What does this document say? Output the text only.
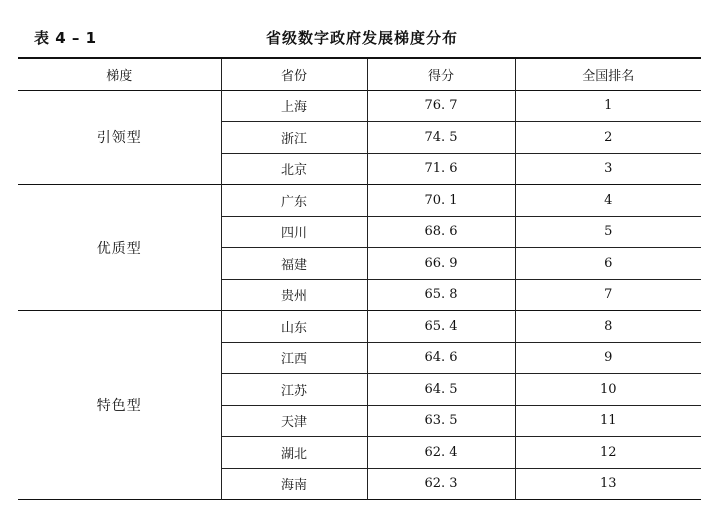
表 4 – 1	省级数字政府发展梯度分布
梯度	省份	得分	全国排名
引领型	上海	76. 7	1
	浙江	74. 5	2
	北京	71. 6	3
优质型	广东	70. 1	4
	四川	68. 6	5
	福建	66. 9	6
	贵州	65. 8	7
特色型	山东	65. 4	8
	江西	64. 6	9
	江苏	64. 5	10
	天津	63. 5	11
	湖北	62. 4	12
	海南	62. 3	13
